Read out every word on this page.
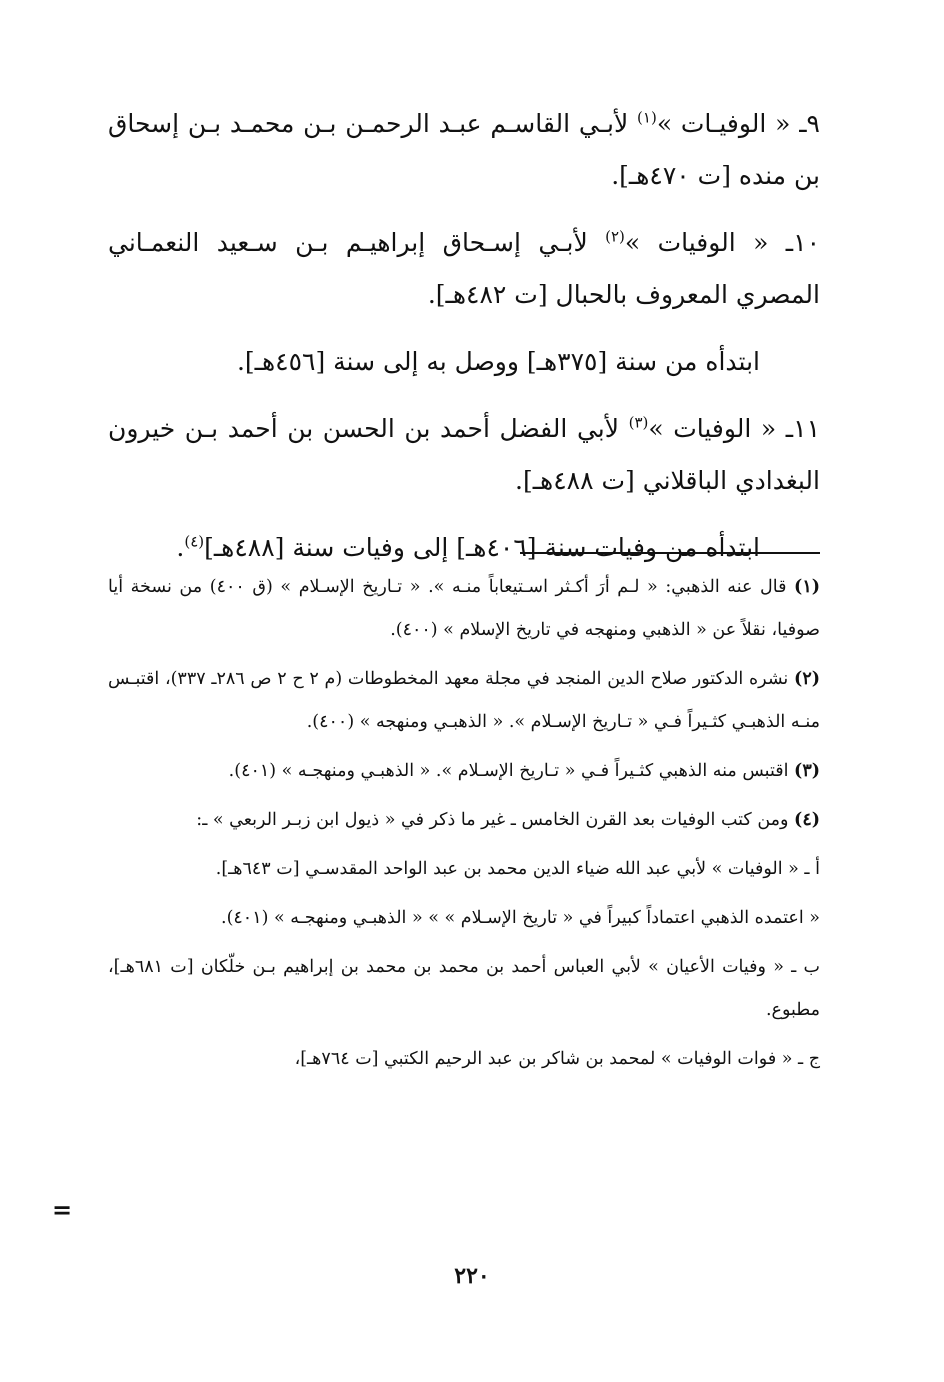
٩ـ « الوفيـات »$^{(١)}$ لأبـي القاسـم عبـد الرحمـن بـن محمـد بـن إسحاق بن منده [ت ٤٧٠هـ].

١٠ـ « الوفيات »$^{(٢)}$ لأبـي إسـحاق إبراهيـم بـن سـعيد النعمـاني المصري المعروف بالحبال [ت ٤٨٢هـ].

ابتدأه من سنة [٣٧٥هـ] ووصل به إلى سنة [٤٥٦هـ].

١١ـ « الوفيات »$^{(٣)}$ لأبي الفضل أحمد بن الحسن بن أحمد بـن خيرون البغدادي الباقلاني [ت ٤٨٨هـ].

ابتدأه من وفيات سنة [٤٠٦هـ] إلى وفيات سنة [٤٨٨هـ]$^{(٤)}$.

(١) قال عنه الذهبي: « لـم أرَ أكـثر اسـتيعاباً منـه ». « تـاريخ الإسـلام » (ق ٤٠٠) من نسخة أيا صوفيا، نقلاً عن « الذهبي ومنهجه في تاريخ الإسلام » (٤٠٠).

(٢) نشره الدكتور صلاح الدين المنجد في مجلة معهد المخطوطات (م ٢ ح ٢ ص ٢٨٦ـ ٣٣٧)، اقتبـس منـه الذهبـي كثـيراً فـي « تـاريخ الإسـلام ». « الذهبـي ومنهجه » (٤٠٠).

(٣) اقتبس منه الذهبي كثـيراً فـي « تـاريخ الإسـلام ». « الذهبـي ومنهجـه » (٤٠١).

(٤) ومن كتب الوفيات بعد القرن الخامس ـ غير ما ذكر في « ذيول ابن زبـر الربعي » ـ:

أ ـ « الوفيات » لأبي عبد الله ضياء الدين محمد بن عبد الواحد المقدسـي [ت ٦٤٣هـ].

« اعتمده الذهبي اعتماداً كبيراً في « تاريخ الإسـلام » » « الذهبـي ومنهجـه » (٤٠١).

ب ـ « وفيات الأعيان » لأبي العباس أحمد بن محمد بن محمد بن إبراهيم بـن خلّكان [ت ٦٨١هـ]، مطبوع.

ج ـ « فوات الوفيات » لمحمد بن شاكر بن عبد الرحيم الكتبي [ت ٧٦٤هـ]،

=
٢٢٠
